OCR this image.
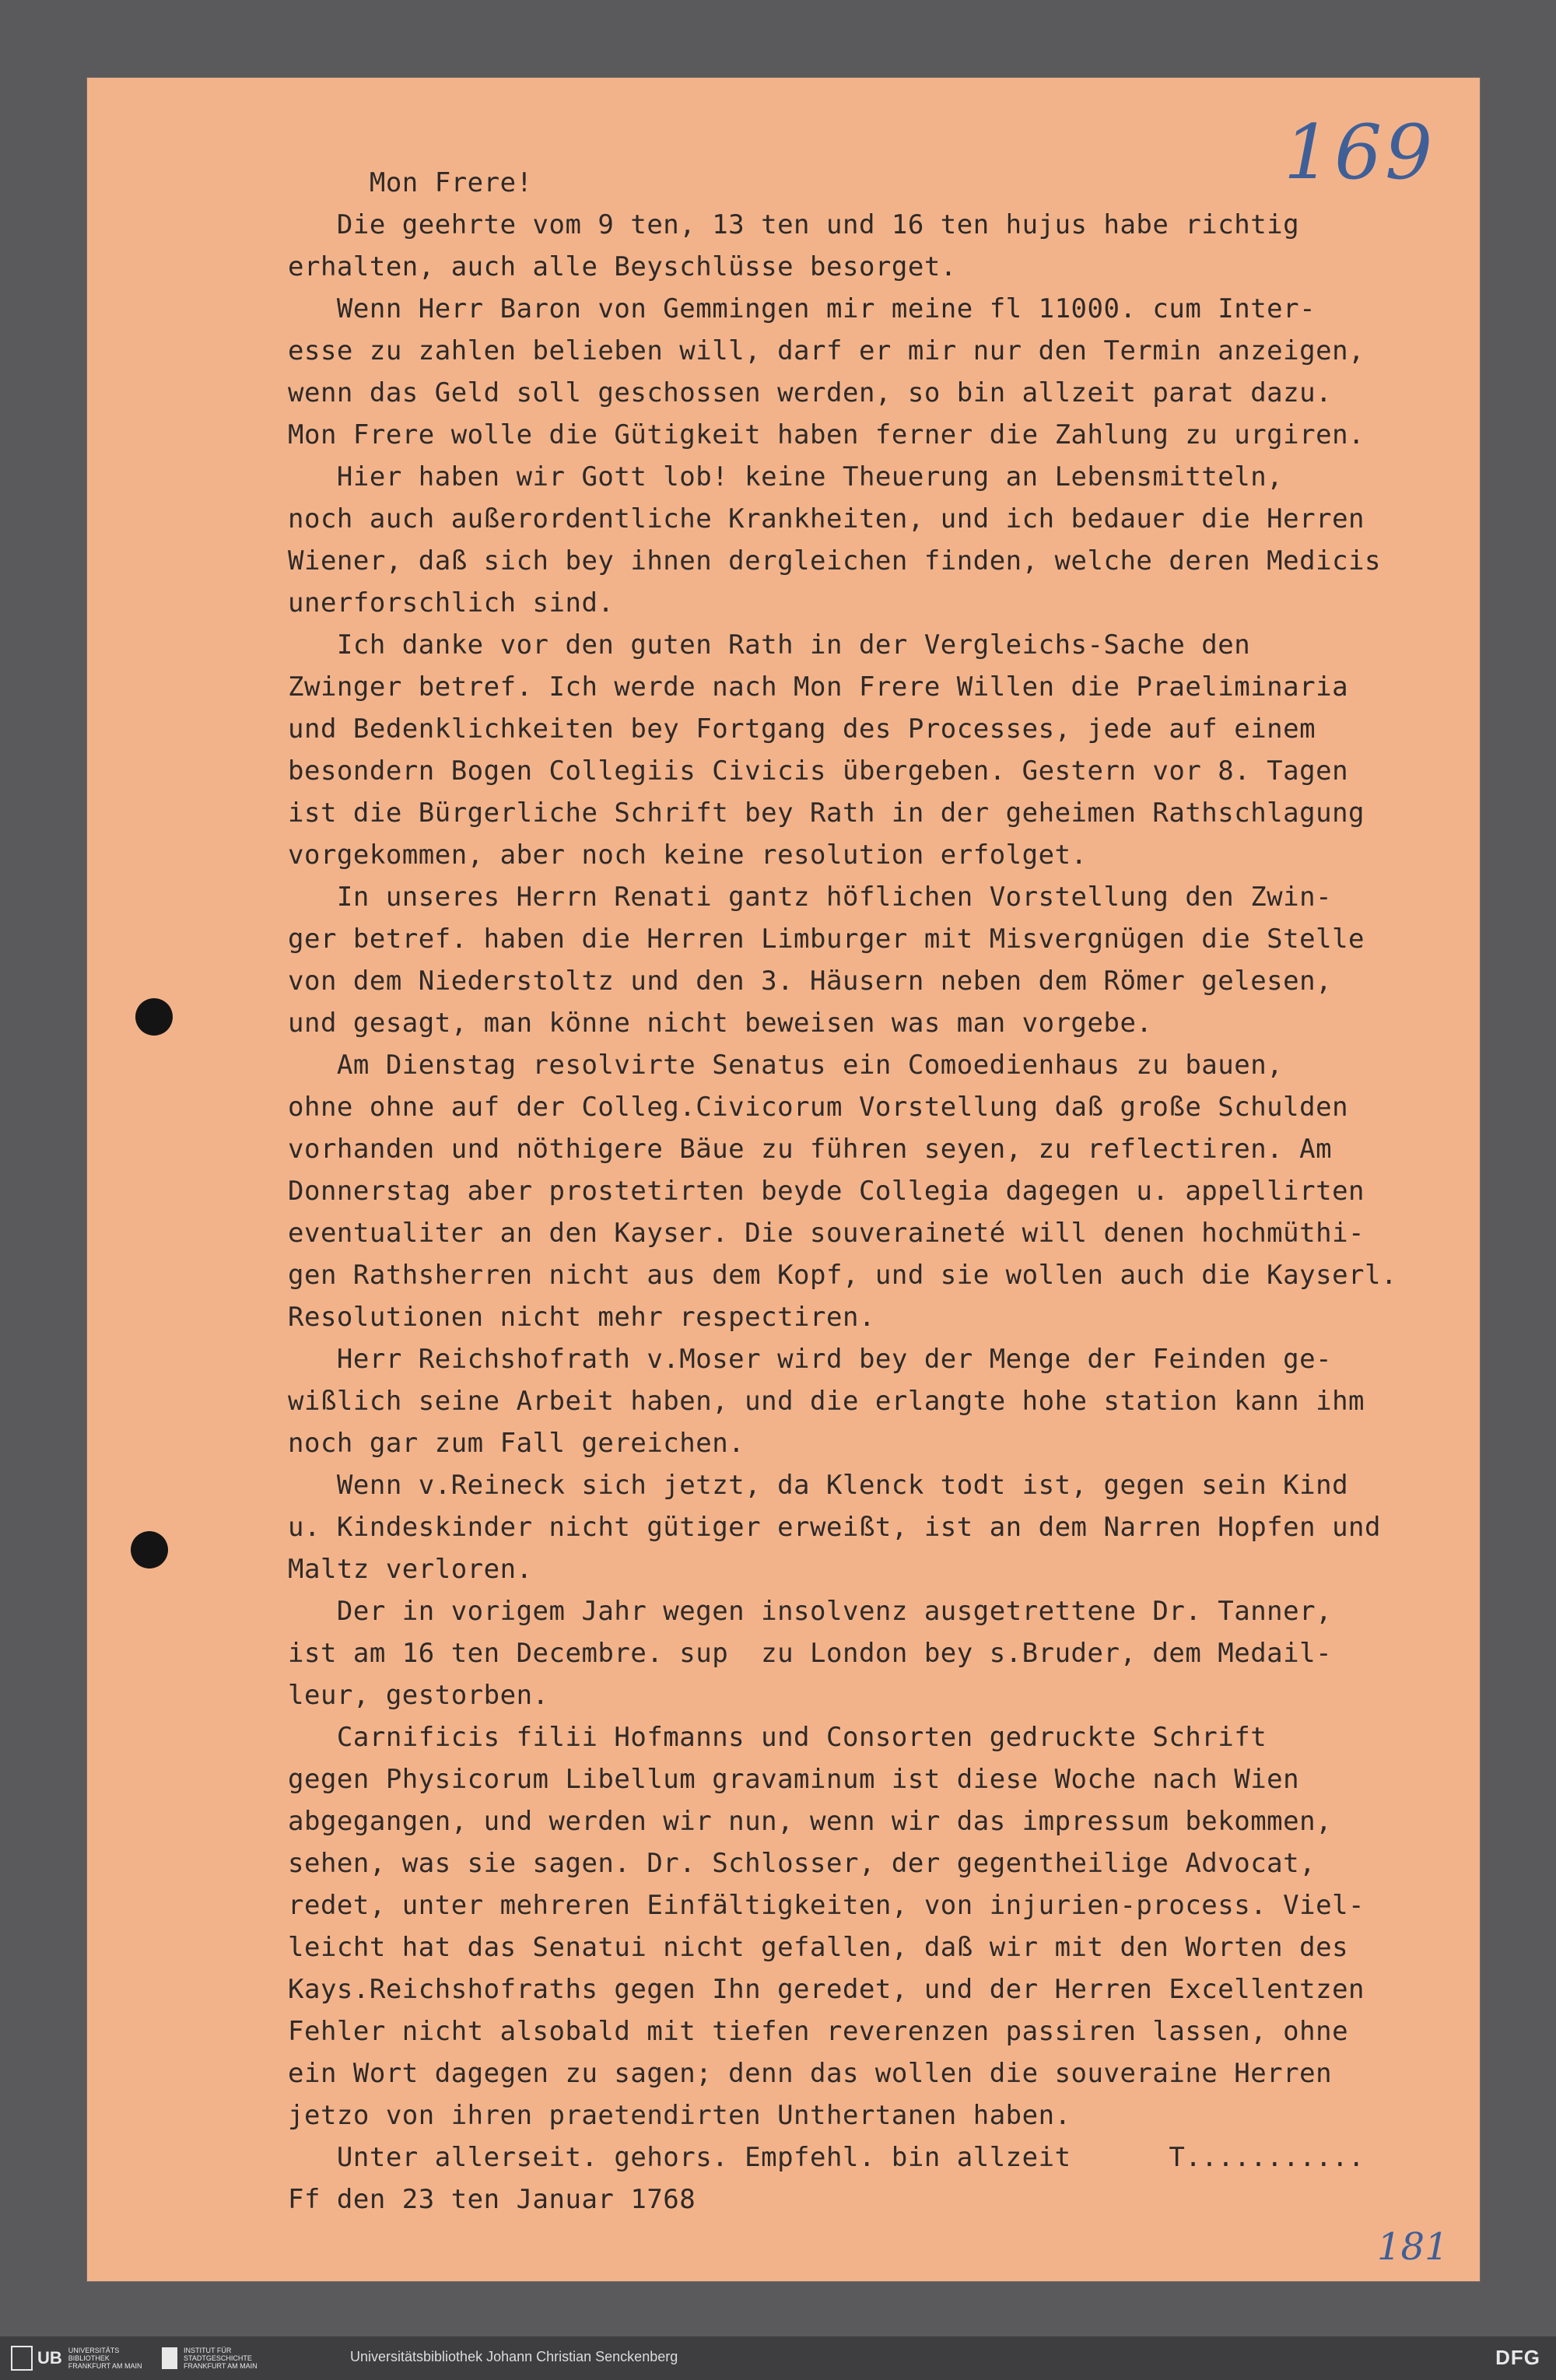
169
181
Mon Frere!
Die geehrte vom 9 ten, 13 ten und 16 ten hujus habe richtig
erhalten, auch alle Beyschlüsse besorget.
Wenn Herr Baron von Gemmingen mir meine fl 11000. cum Inter-
esse zu zahlen belieben will, darf er mir nur den Termin anzeigen,
wenn das Geld soll geschossen werden, so bin allzeit parat dazu.
Mon Frere wolle die Gütigkeit haben ferner die Zahlung zu urgiren.
Hier haben wir Gott lob! keine Theuerung an Lebensmitteln,
noch auch außerordentliche Krankheiten, und ich bedauer die Herren
Wiener, daß sich bey ihnen dergleichen finden, welche deren Medicis
unerforschlich sind.
Ich danke vor den guten Rath in der Vergleichs-Sache den
Zwinger betref. Ich werde nach Mon Frere Willen die Praeliminaria
und Bedenklichkeiten bey Fortgang des Processes, jede auf einem
besondern Bogen Collegiis Civicis übergeben. Gestern vor 8. Tagen
ist die Bürgerliche Schrift bey Rath in der geheimen Rathschlagung
vorgekommen, aber noch keine resolution erfolget.
In unseres Herrn Renati gantz höflichen Vorstellung den Zwin-
ger betref. haben die Herren Limburger mit Misvergnügen die Stelle
von dem Niederstoltz und den 3. Häusern neben dem Römer gelesen,
und gesagt, man könne nicht beweisen was man vorgebe.
Am Dienstag resolvirte Senatus ein Comoedienhaus zu bauen,
ohne ohne auf der Colleg.Civicorum Vorstellung daß große Schulden
vorhanden und nöthigere Bäue zu führen seyen, zu reflectiren. Am
Donnerstag aber prostetirten beyde Collegia dagegen u. appellirten
eventualiter an den Kayser. Die souveraineté will denen hochmüthi-
gen Rathsherren nicht aus dem Kopf, und sie wollen auch die Kayserl.
Resolutionen nicht mehr respectiren.
Herr Reichshofrath v.Moser wird bey der Menge der Feinden ge-
wißlich seine Arbeit haben, und die erlangte hohe station kann ihm
noch gar zum Fall gereichen.
Wenn v.Reineck sich jetzt, da Klenck todt ist, gegen sein Kind
u. Kindeskinder nicht gütiger erweißt, ist an dem Narren Hopfen und
Maltz verloren.
Der in vorigem Jahr wegen insolvenz ausgetrettene Dr. Tanner,
ist am 16 ten Decembre. sup  zu London bey s.Bruder, dem Medail-
leur, gestorben.
Carnificis filii Hofmanns und Consorten gedruckte Schrift
gegen Physicorum Libellum gravaminum ist diese Woche nach Wien
abgegangen, und werden wir nun, wenn wir das impressum bekommen,
sehen, was sie sagen. Dr. Schlosser, der gegentheilige Advocat,
redet, unter mehreren Einfältigkeiten, von injurien-process. Viel-
leicht hat das Senatui nicht gefallen, daß wir mit den Worten des
Kays.Reichshofraths gegen Ihn geredet, und der Herren Excellentzen
Fehler nicht alsobald mit tiefen reverenzen passiren lassen, ohne
ein Wort dagegen zu sagen; denn das wollen die souveraine Herren
jetzo von ihren praetendirten Unthertanen haben.
Unter allerseit. gehors. Empfehl. bin allzeit      T...........
Ff den 23 ten Januar 1768
UB UNIVERSITÄTS
BIBLIOTHEK
FRANKFURT AM MAIN
INSTITUT FÜR
STADTGESCHICHTE
FRANKFURT AM MAIN
Universitätsbibliothek Johann Christian Senckenberg	DFG
